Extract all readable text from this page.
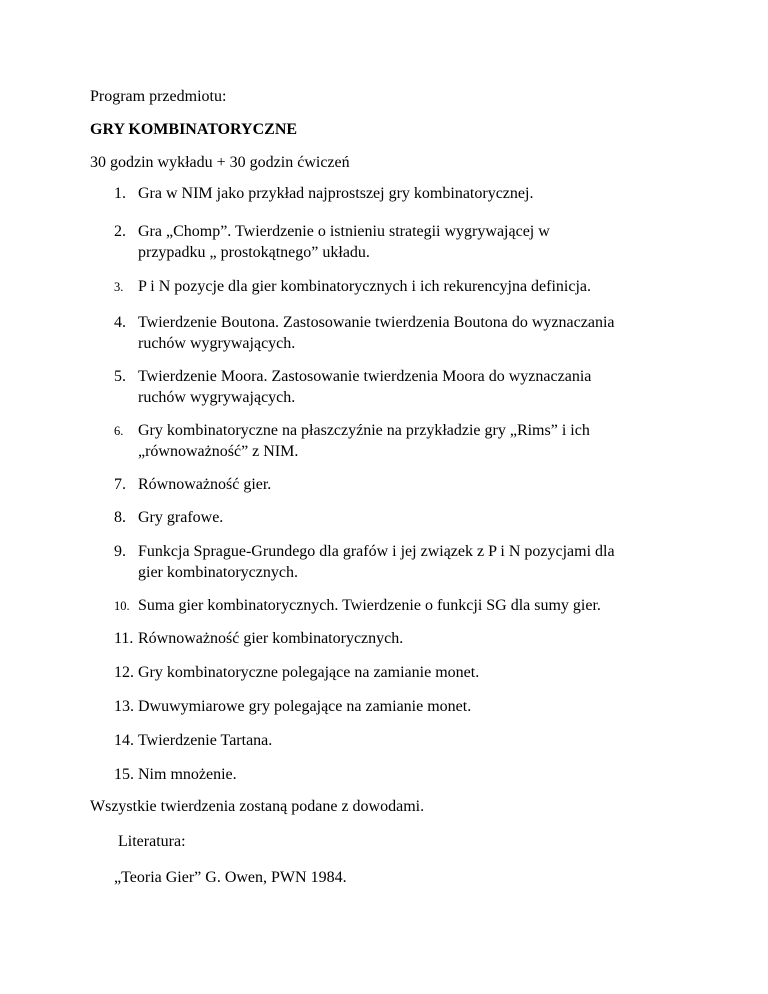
Program przedmiotu:
GRY KOMBINATORYCZNE
30 godzin wykładu + 30 godzin ćwiczeń
1. Gra w NIM jako przykład najprostszej gry kombinatorycznej.
2. Gra „Chomp”. Twierdzenie o istnieniu strategii wygrywającej w
przypadku „ prostokątnego” układu.
3. P i N pozycje dla gier kombinatorycznych i ich rekurencyjna definicja.
4. Twierdzenie Boutona. Zastosowanie twierdzenia Boutona do wyznaczania
ruchów wygrywających.
5. Twierdzenie Moora. Zastosowanie twierdzenia Moora do wyznaczania
ruchów wygrywających.
6. Gry kombinatoryczne na płaszczyźnie na przykładzie gry „Rims” i ich
„równoważność” z NIM.
7. Równoważność gier.
8. Gry grafowe.
9. Funkcja Sprague-Grundego dla grafów i jej związek z P i N pozycjami dla
gier kombinatorycznych.
10. Suma gier kombinatorycznych. Twierdzenie o funkcji SG dla sumy gier.
11. Równoważność gier kombinatorycznych.
12. Gry kombinatoryczne polegające na zamianie monet.
13. Dwuwymiarowe gry polegające na zamianie monet.
14. Twierdzenie Tartana.
15. Nim mnożenie.
Wszystkie twierdzenia zostaną podane z dowodami.
Literatura:
„Teoria Gier” G. Owen, PWN 1984.
